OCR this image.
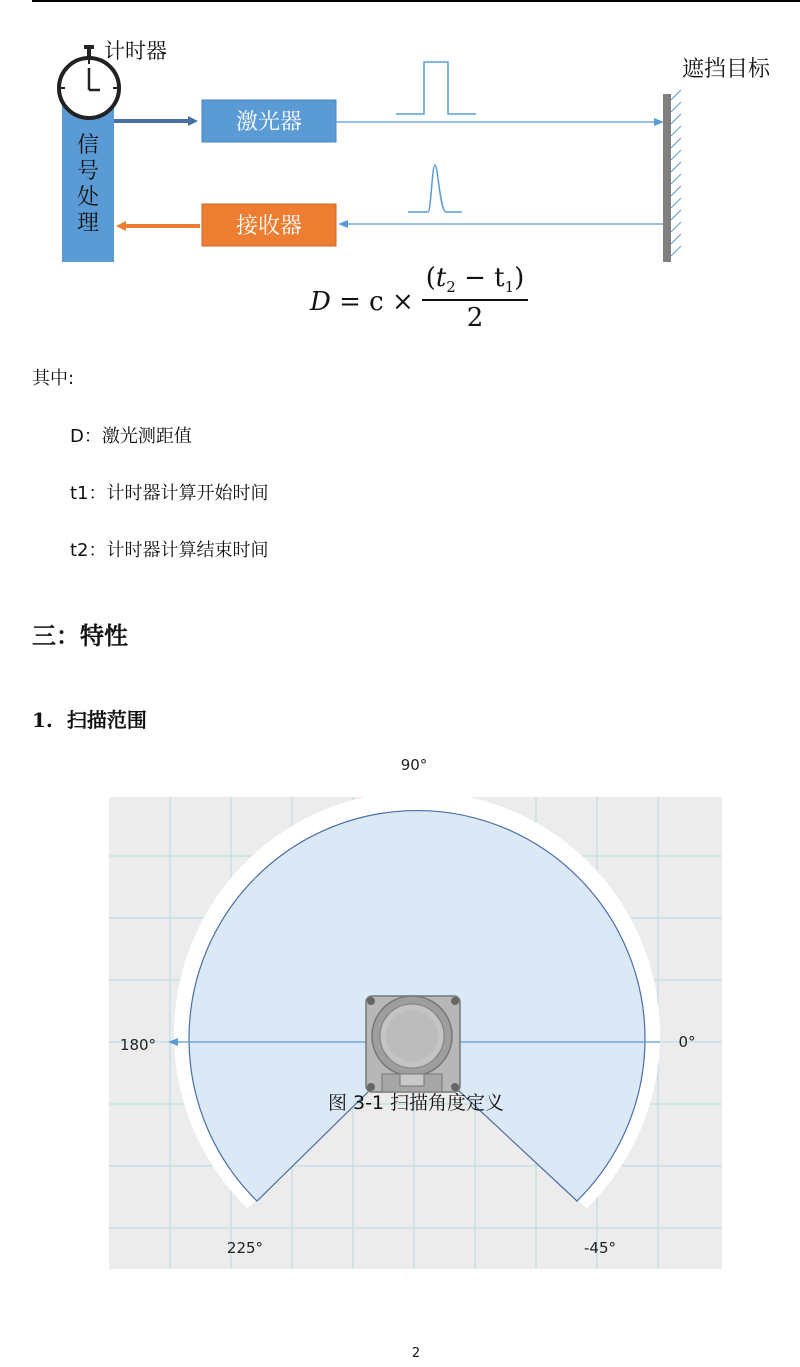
计时器
信
号
处
理
激光器
接收器
遮挡目标
D = c ×
$(t_2 - t_1)$
2
其中:
D：激光测距值
t1：计时器计算开始时间
t2：计时器计算结束时间
三：特性
1. 扫描范围
90°
180°	0°
225°	-45°
图 3-1 扫描角度定义
2
